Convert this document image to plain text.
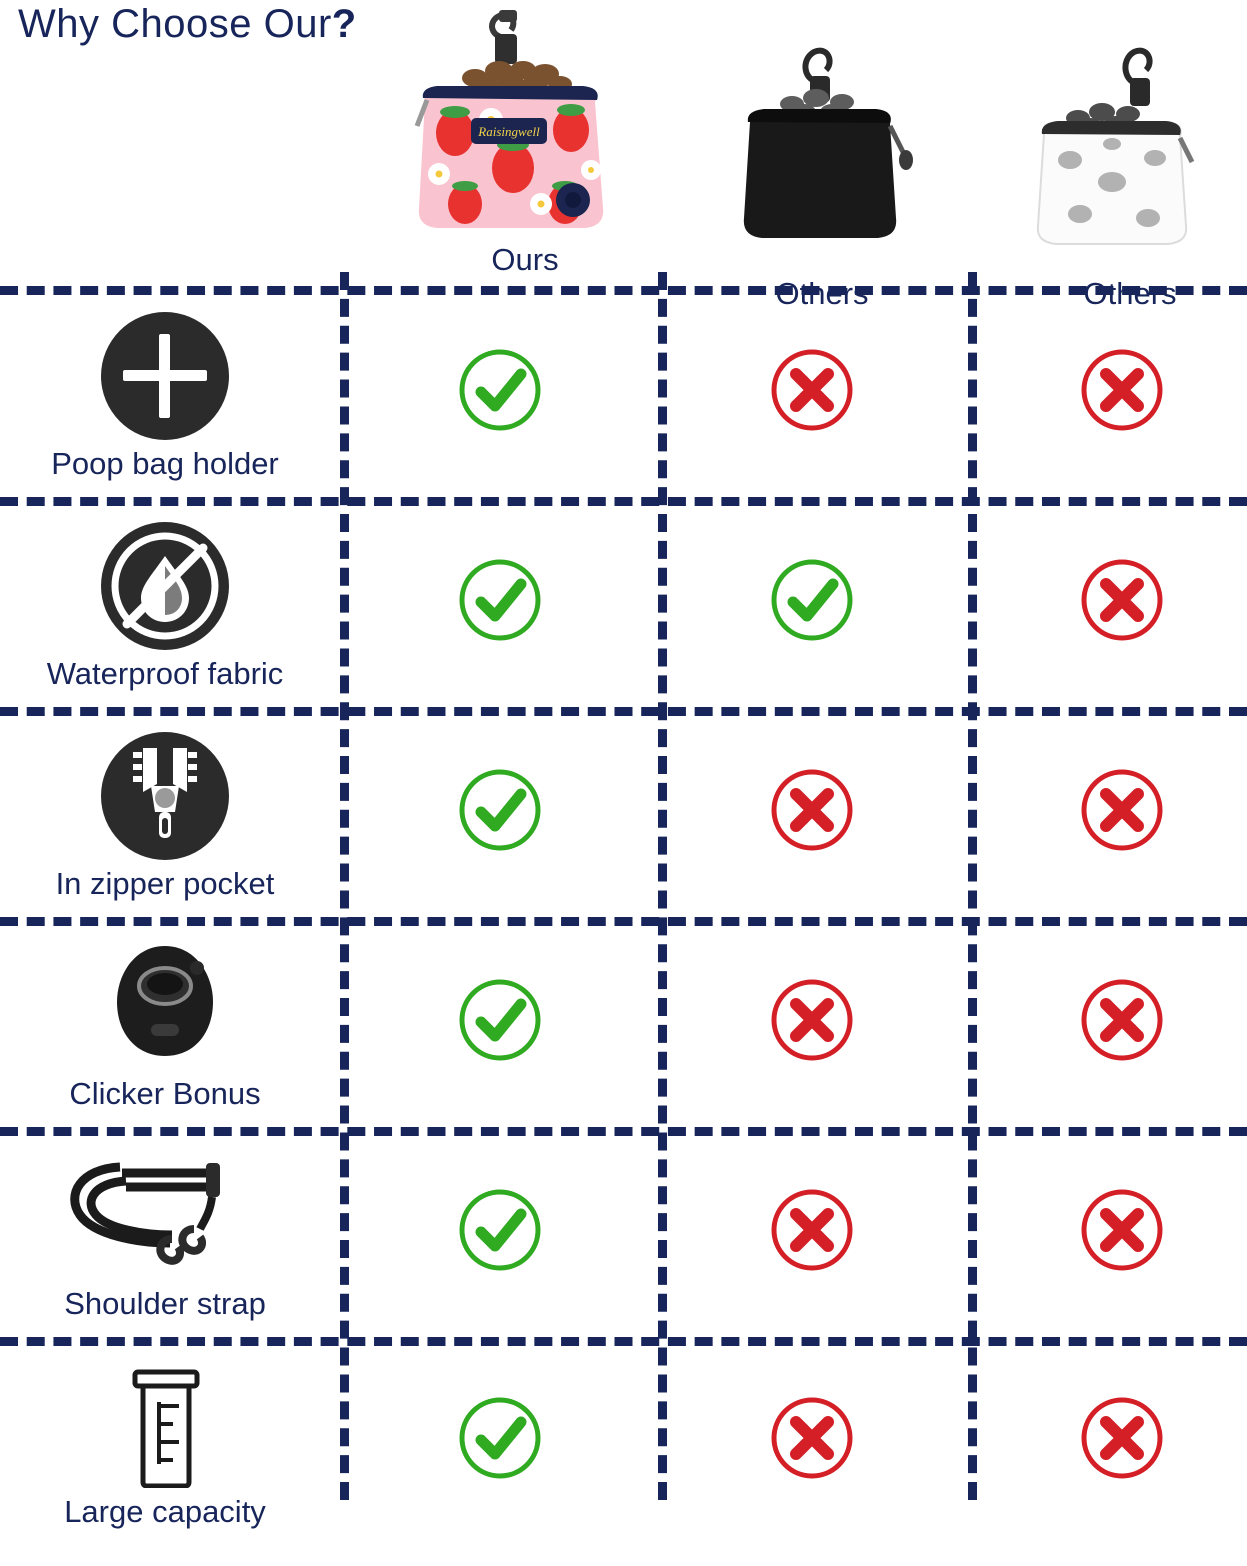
Why Choose Our?
Raisingwell
Ours
Others	Others
Poop bag holder
Waterproof fabric
In zipper pocket
Clicker Bonus
Shoulder strap
Large capacity
